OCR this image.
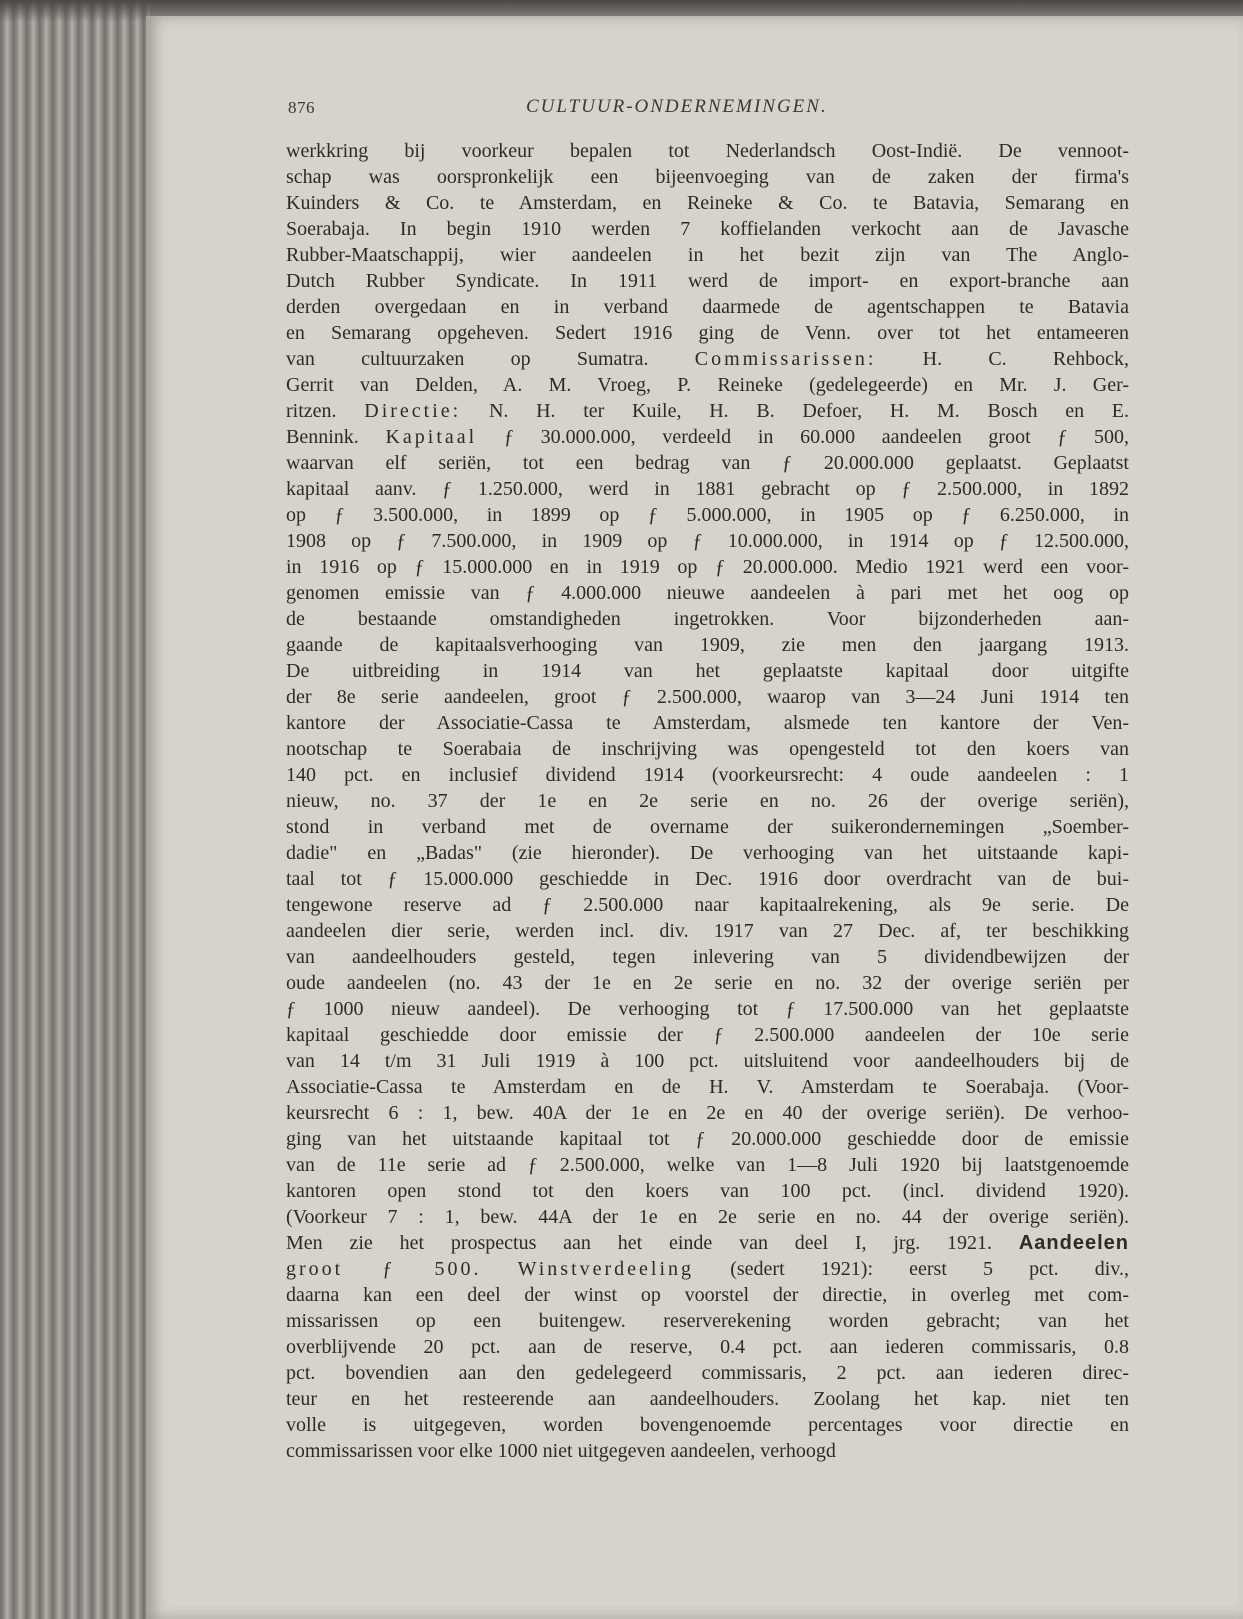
876	CULTUUR-ONDERNEMINGEN.
werkkring bij voorkeur bepalen tot Nederlandsch Oost-Indië. De vennoot-
schap was oorspronkelijk een bijeenvoeging van de zaken der firma's
Kuinders & Co. te Amsterdam, en Reineke & Co. te Batavia, Semarang en
Soerabaja. In begin 1910 werden 7 koffielanden verkocht aan de Javasche
Rubber-Maatschappij, wier aandeelen in het bezit zijn van The Anglo-
Dutch Rubber Syndicate. In 1911 werd de import- en export-branche aan
derden overgedaan en in verband daarmede de agentschappen te Batavia
en Semarang opgeheven. Sedert 1916 ging de Venn. over tot het entameeren
van cultuurzaken op Sumatra. Commissarissen: H. C. Rehbock,
Gerrit van Delden, A. M. Vroeg, P. Reineke (gedelegeerde) en Mr. J. Ger-
ritzen. Directie: N. H. ter Kuile, H. B. Defoer, H. M. Bosch en E.
Bennink. Kapitaal ƒ 30.000.000, verdeeld in 60.000 aandeelen groot ƒ 500,
waarvan elf seriën, tot een bedrag van ƒ 20.000.000 geplaatst. Geplaatst
kapitaal aanv. ƒ 1.250.000, werd in 1881 gebracht op ƒ 2.500.000, in 1892
op ƒ 3.500.000, in 1899 op ƒ 5.000.000, in 1905 op ƒ 6.250.000, in
1908 op ƒ 7.500.000, in 1909 op ƒ 10.000.000, in 1914 op ƒ 12.500.000,
in 1916 op ƒ 15.000.000 en in 1919 op ƒ 20.000.000. Medio 1921 werd een voor-
genomen emissie van ƒ 4.000.000 nieuwe aandeelen à pari met het oog op
de bestaande omstandigheden ingetrokken. Voor bijzonderheden aan-
gaande de kapitaalsverhooging van 1909, zie men den jaargang 1913.
De uitbreiding in 1914 van het geplaatste kapitaal door uitgifte
der 8e serie aandeelen, groot ƒ 2.500.000, waarop van 3—24 Juni 1914 ten
kantore der Associatie-Cassa te Amsterdam, alsmede ten kantore der Ven-
nootschap te Soerabaia de inschrijving was opengesteld tot den koers van
140 pct. en inclusief dividend 1914 (voorkeursrecht: 4 oude aandeelen : 1
nieuw, no. 37 der 1e en 2e serie en no. 26 der overige seriën),
stond in verband met de overname der suikerondernemingen „Soember-
dadie" en „Badas" (zie hieronder). De verhooging van het uitstaande kapi-
taal tot ƒ 15.000.000 geschiedde in Dec. 1916 door overdracht van de bui-
tengewone reserve ad ƒ 2.500.000 naar kapitaalrekening, als 9e serie. De
aandeelen dier serie, werden incl. div. 1917 van 27 Dec. af, ter beschikking
van aandeelhouders gesteld, tegen inlevering van 5 dividendbewijzen der
oude aandeelen (no. 43 der 1e en 2e serie en no. 32 der overige seriën per
ƒ 1000 nieuw aandeel). De verhooging tot ƒ 17.500.000 van het geplaatste
kapitaal geschiedde door emissie der ƒ 2.500.000 aandeelen der 10e serie
van 14 t/m 31 Juli 1919 à 100 pct. uitsluitend voor aandeelhouders bij de
Associatie-Cassa te Amsterdam en de H. V. Amsterdam te Soerabaja. (Voor-
keursrecht 6 : 1, bew. 40A der 1e en 2e en 40 der overige seriën). De verhoo-
ging van het uitstaande kapitaal tot ƒ 20.000.000 geschiedde door de emissie
van de 11e serie ad ƒ 2.500.000, welke van 1—8 Juli 1920 bij laatstgenoemde
kantoren open stond tot den koers van 100 pct. (incl. dividend 1920).
(Voorkeur 7 : 1, bew. 44A der 1e en 2e serie en no. 44 der overige seriën).
Men zie het prospectus aan het einde van deel I, jrg. 1921. Aandeelen
groot ƒ 500. Winstverdeeling (sedert 1921): eerst 5 pct. div.,
daarna kan een deel der winst op voorstel der directie, in overleg met com-
missarissen op een buitengew. reserverekening worden gebracht; van het
overblijvende 20 pct. aan de reserve, 0.4 pct. aan iederen commissaris, 0.8
pct. bovendien aan den gedelegeerd commissaris, 2 pct. aan iederen direc-
teur en het resteerende aan aandeelhouders. Zoolang het kap. niet ten
volle is uitgegeven, worden bovengenoemde percentages voor directie en
commissarissen voor elke 1000 niet uitgegeven aandeelen, verhoogd
